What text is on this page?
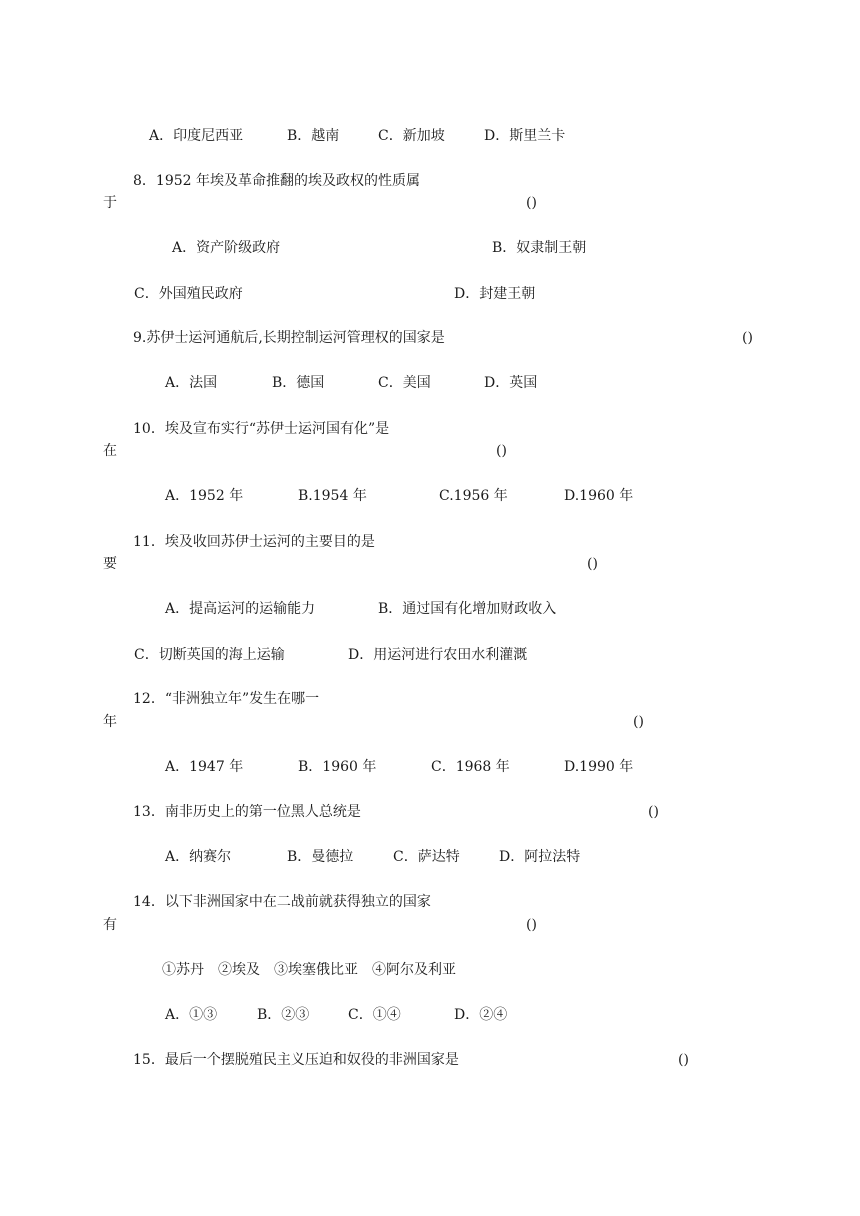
A．印度尼西亚	B．越南	C．新加坡	D．斯里兰卡
8．1952 年埃及革命推翻的埃及政权的性质属
于	()
A．资产阶级政府	B．奴隶制王朝
C．外国殖民政府	D．封建王朝
9.苏伊士运河通航后,长期控制运河管理权的国家是	()
A．法国	B．德国	C．美国	D．英国
10．埃及宣布实行“苏伊士运河国有化”是
在	()
A．1952 年	B.1954 年	C.1956 年	D.1960 年
11．埃及收回苏伊士运河的主要目的是
要	()
A．提高运河的运输能力	B．通过国有化增加财政收入
C．切断英国的海上运输	D．用运河进行农田水利灌溉
12．“非洲独立年”发生在哪一
年	()
A．1947 年	B．1960 年	C．1968 年	D.1990 年
13．南非历史上的第一位黑人总统是	()
A．纳赛尔	B．曼德拉	C．萨达特	D．阿拉法特
14．以下非洲国家中在二战前就获得独立的国家
有	()
①苏丹　②埃及　③埃塞俄比亚　④阿尔及利亚
A．①③	B．②③	C．①④	D．②④
15．最后一个摆脱殖民主义压迫和奴役的非洲国家是	()
